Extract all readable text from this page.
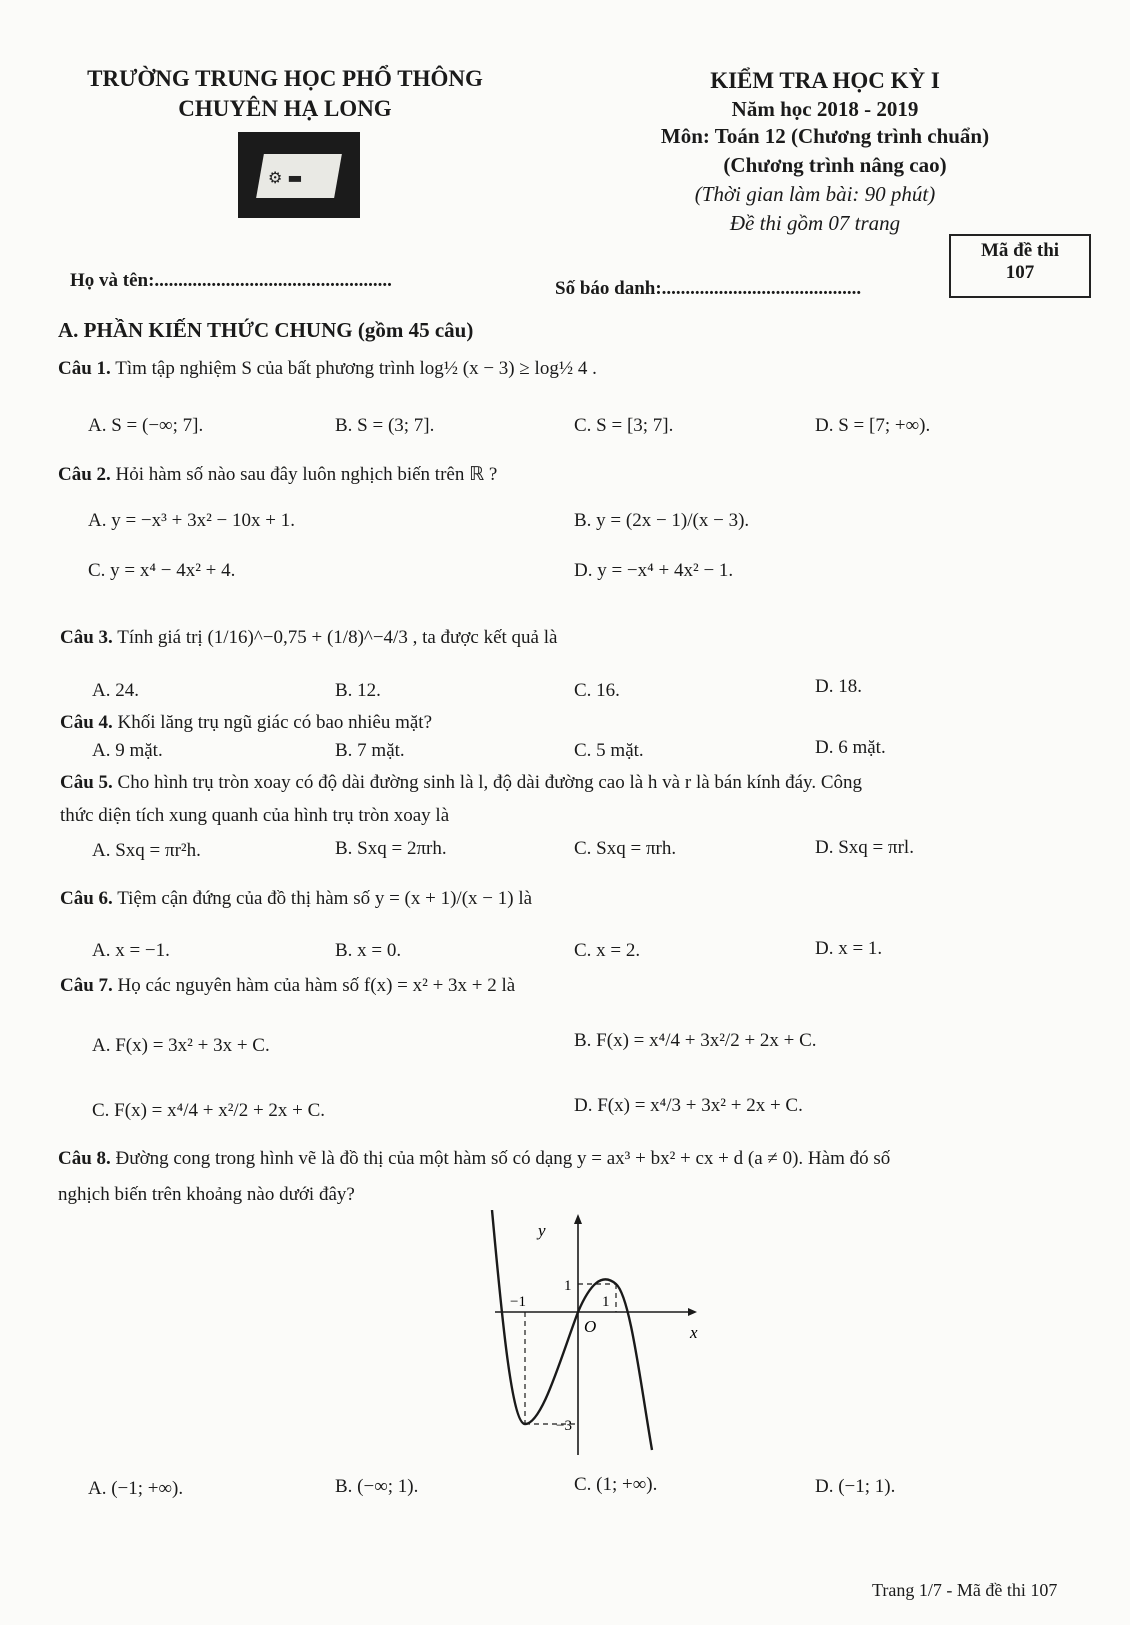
TRƯỜNG TRUNG HỌC PHỔ THÔNG
CHUYÊN HẠ LONG
⚙ ▬
KIỂM TRA HỌC KỲ I
Năm học 2018 - 2019
Môn: Toán 12 (Chương trình chuẩn)
(Chương trình nâng cao)
(Thời gian làm bài: 90 phút)
Đề thi gồm 07 trang
Mã đề thi
107
Họ và tên:..................................................	Số báo danh:..........................................
A. PHẦN KIẾN THỨC CHUNG (gồm 45 câu)
Câu 1. Tìm tập nghiệm S của bất phương trình log½ (x − 3) ≥ log½ 4 .
A. S = (−∞; 7].	B. S = (3; 7].	C. S = [3; 7].	D. S = [7; +∞).
Câu 2. Hỏi hàm số nào sau đây luôn nghịch biến trên ℝ ?
A. y = −x³ + 3x² − 10x + 1.	B. y = (2x − 1)/(x − 3).
C. y = x⁴ − 4x² + 4.	D. y = −x⁴ + 4x² − 1.
Câu 3. Tính giá trị (1/16)^−0,75 + (1/8)^−4/3 , ta được kết quả là
A. 24.	B. 12.	C. 16.	D. 18.
Câu 4. Khối lăng trụ ngũ giác có bao nhiêu mặt?
A. 9 mặt.	B. 7 mặt.	C. 5 mặt.	D. 6 mặt.
Câu 5. Cho hình trụ tròn xoay có độ dài đường sinh là l, độ dài đường cao là h và r là bán kính đáy. Công
thức diện tích xung quanh của hình trụ tròn xoay là
A. Sxq = πr²h.	B. Sxq = 2πrh.	C. Sxq = πrh.	D. Sxq = πrl.
Câu 6. Tiệm cận đứng của đồ thị hàm số y = (x + 1)/(x − 1) là
A. x = −1.	B. x = 0.	C. x = 2.	D. x = 1.
Câu 7. Họ các nguyên hàm của hàm số f(x) = x² + 3x + 2 là
A. F(x) = 3x² + 3x + C.	B. F(x) = x⁴/4 + 3x²/2 + 2x + C.
C. F(x) = x⁴/4 + x²/2 + 2x + C.	D. F(x) = x⁴/3 + 3x² + 2x + C.
Câu 8. Đường cong trong hình vẽ là đồ thị của một hàm số có dạng y = ax³ + bx² + cx + d (a ≠ 0). Hàm đó số
nghịch biến trên khoảng nào dưới đây?
y
x
O
−1	1
1
−3
A. (−1; +∞).	B. (−∞; 1).	C. (1; +∞).	D. (−1; 1).
Trang 1/7 - Mã đề thi 107
